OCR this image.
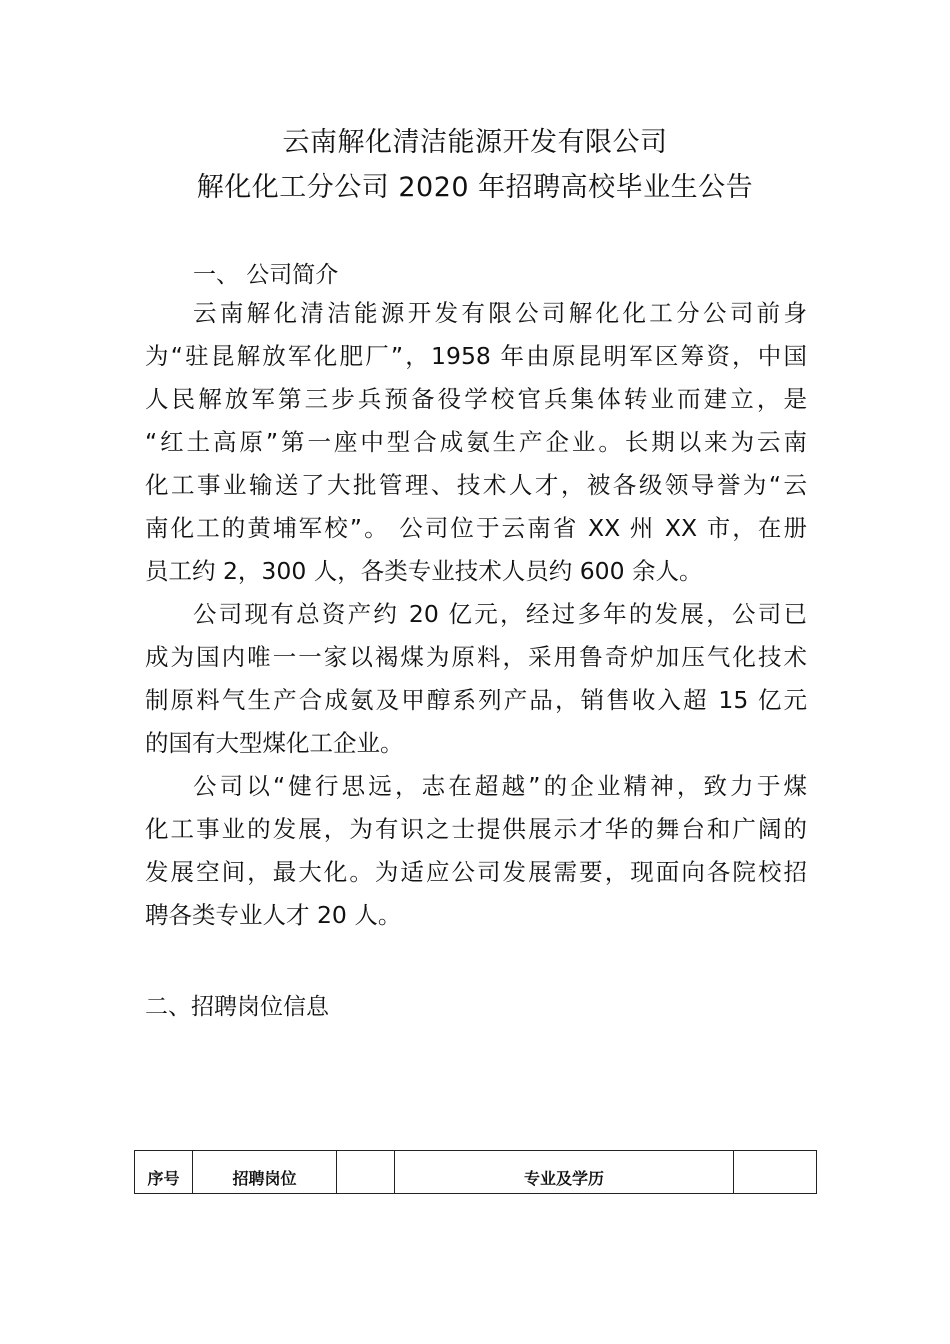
云南解化清洁能源开发有限公司
解化化工分公司 2020 年招聘高校毕业生公告
一、 公司简介
云南解化清洁能源开发有限公司解化化工分公司前身
为“驻昆解放军化肥厂”，1958 年由原昆明军区筹资，中国
人民解放军第三步兵预备役学校官兵集体转业而建立，是
“红土高原”第一座中型合成氨生产企业。长期以来为云南
化工事业输送了大批管理、技术人才，被各级领导誉为“云
南化工的黄埔军校”。 公司位于云南省 XX 州 XX 市，在册
员工约 2，300 人，各类专业技术人员约 600 余人。
公司现有总资产约 20 亿元，经过多年的发展，公司已
成为国内唯一一家以褐煤为原料，采用鲁奇炉加压气化技术
制原料气生产合成氨及甲醇系列产品，销售收入超 15 亿元
的国有大型煤化工企业。
公司以“健行思远，志在超越”的企业精神，致力于煤
化工事业的发展，为有识之士提供展示才华的舞台和广阔的
发展空间，最大化。为适应公司发展需要，现面向各院校招
聘各类专业人才 20 人。
二、招聘岗位信息
序号	招聘岗位		专业及学历	
